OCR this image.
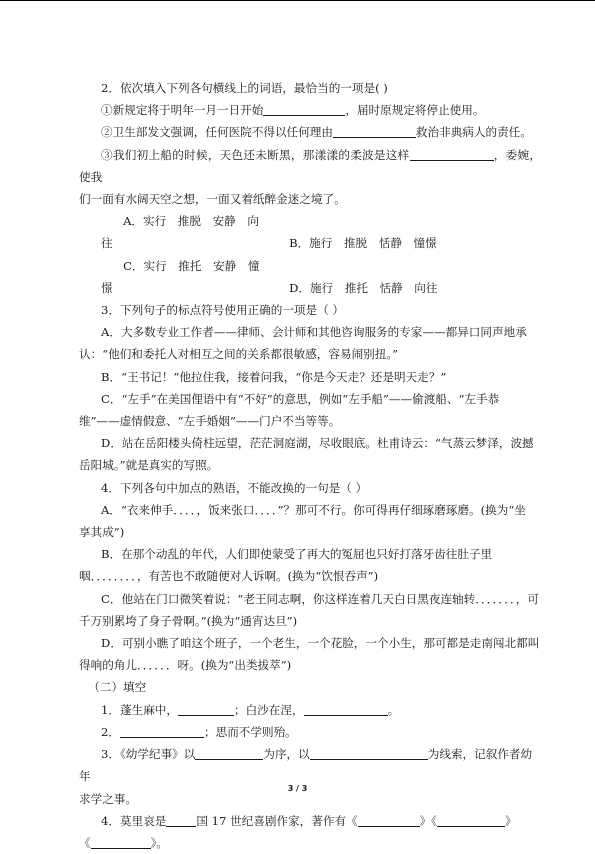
2．依次填入下列各句横线上的词语，最恰当的一项是( )

①新规定将于明年一月一日开始	，届时原规定将停止使用。

②卫生部发文强调，任何医院不得以任何理由	救治非典病人的责任。

③我们初上船的时候，天色还未断黑，那漾漾的柔波是这样	，委婉，使我

们一面有水阔天空之想，一面又着纸醉金迷之境了。

A．实行　推脱　安静　向往	B．施行　推脱　恬静　憧憬

C．实行　推托　安静　憧憬	D．施行　推托　恬静　向往

3．下列句子的标点符号使用正确的一项是（ ）

A．大多数专业工作者——律师、会计师和其他咨询服务的专家——都异口同声地承

认：“他们和委托人对相互之间的关系都很敏感，容易闹别扭。”

B．“王书记！”他拉住我，接着问我，“你是今天走？还是明天走？”

C．“左手”在美国俚语中有“不好”的意思，例如“左手船”——偷渡船、“左手恭

维”——虚情假意、“左手婚姻”——门户不当等等。

D．站在岳阳楼头倚柱远望，茫茫洞庭湖，尽收眼底。杜甫诗云：“气蒸云梦泽，波撼

岳阳城。”就是真实的写照。

4．下列各句中加点的熟语，不能改换的一句是（ ）

A．“衣来伸手．．．．，饭来张口．．．．”？那可不行。你可得再仔细琢磨琢磨。(换为“坐

享其成”)

B．在那个动乱的年代，人们即使蒙受了再大的冤屈也只好打落牙齿往肚子里

咽．．．．．．．．，有苦也不敢随便对人诉啊。(换为“饮恨吞声”)

C．他站在门口微笑着说：“老王同志啊，你这样连着几天白日黑夜连轴转．．．．．．．，可

千万别累垮了身子骨啊。”(换为“通宵达旦”)

D．可别小瞧了咱这个班子，一个老生，一个花脸，一个小生，那可都是走南闯北都叫

得响的角儿．．．．．．呀。(换为“出类拔萃”)

（二）填空

1．蓬生麻中，	；白沙在涅，	。

2．	；思而不学则殆。

3．《幼学纪事》以	为序，以	为线索，记叙作者幼年

求学之事。

4．莫里哀是	国 17 世纪喜剧作家，著作有《	》《	》

《	》。

3 / 3
